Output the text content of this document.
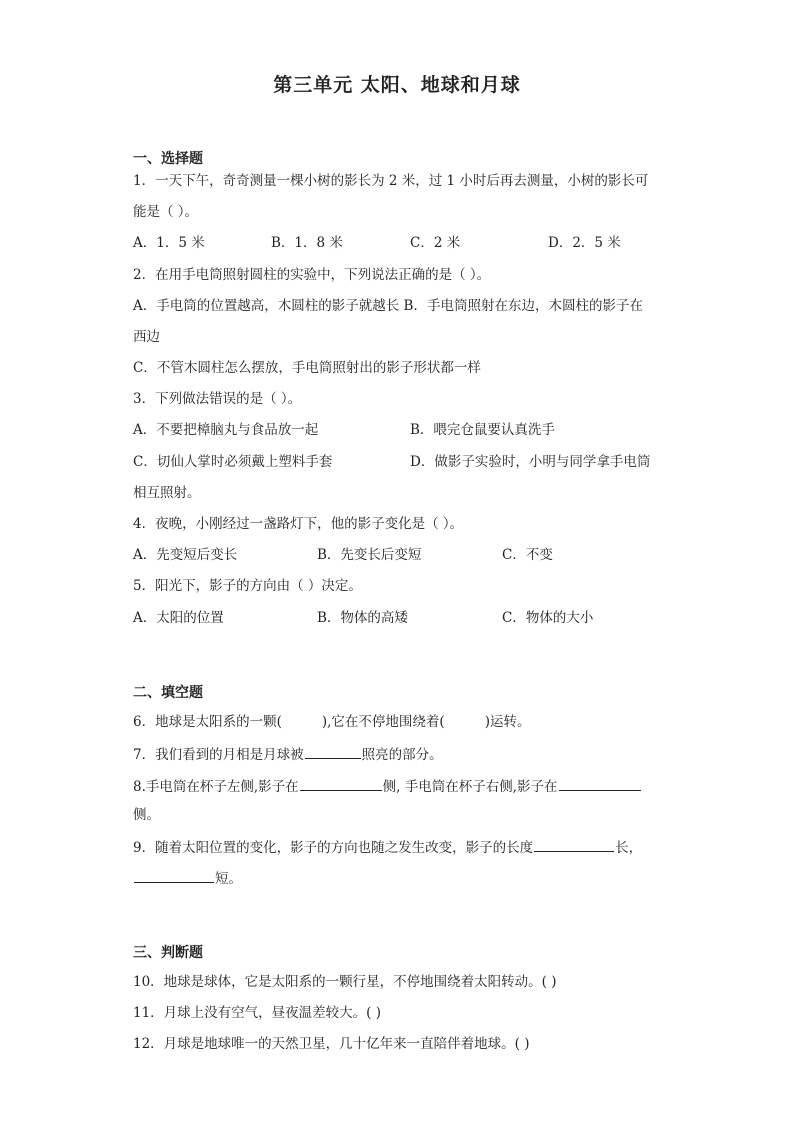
第三单元 太阳、地球和月球
一、选择题
1．一天下午，奇奇测量一棵小树的影长为 2 米，过 1 小时后再去测量，小树的影长可
能是（ ）。
A．1．5 米	B．1．8 米	C．2 米	D．2．5 米
2．在用手电筒照射圆柱的实验中，下列说法正确的是（ ）。
A．手电筒的位置越高，木圆柱的影子就越长 B．手电筒照射在东边，木圆柱的影子在
西边
C．不管木圆柱怎么摆放，手电筒照射出的影子形状都一样
3．下列做法错误的是（ ）。
A．不要把樟脑丸与食品放一起	B．喂完仓鼠要认真洗手
C．切仙人掌时必须戴上塑料手套	D．做影子实验时，小明与同学拿手电筒
相互照射。
4．夜晚，小刚经过一盏路灯下，他的影子变化是（ ）。
A．先变短后变长	B．先变长后变短	C．不变
5．阳光下，影子的方向由（ ）决定。
A．太阳的位置	B．物体的高矮	C．物体的大小
二、填空题
6．地球是太阳系的一颗(	),它在不停地围绕着(	)运转。
7．我们看到的月相是月球被	照亮的部分。
8.手电筒在杯子左侧,影子在	侧, 手电筒在杯子右侧,影子在
侧。
9．随着太阳位置的变化，影子的方向也随之发生改变，影子的长度	长，
短。
三、判断题
10．地球是球体，它是太阳系的一颗行星，不停地围绕着太阳转动。( )
11．月球上没有空气，昼夜温差较大。( )
12．月球是地球唯一的天然卫星，几十亿年来一直陪伴着地球。( )
